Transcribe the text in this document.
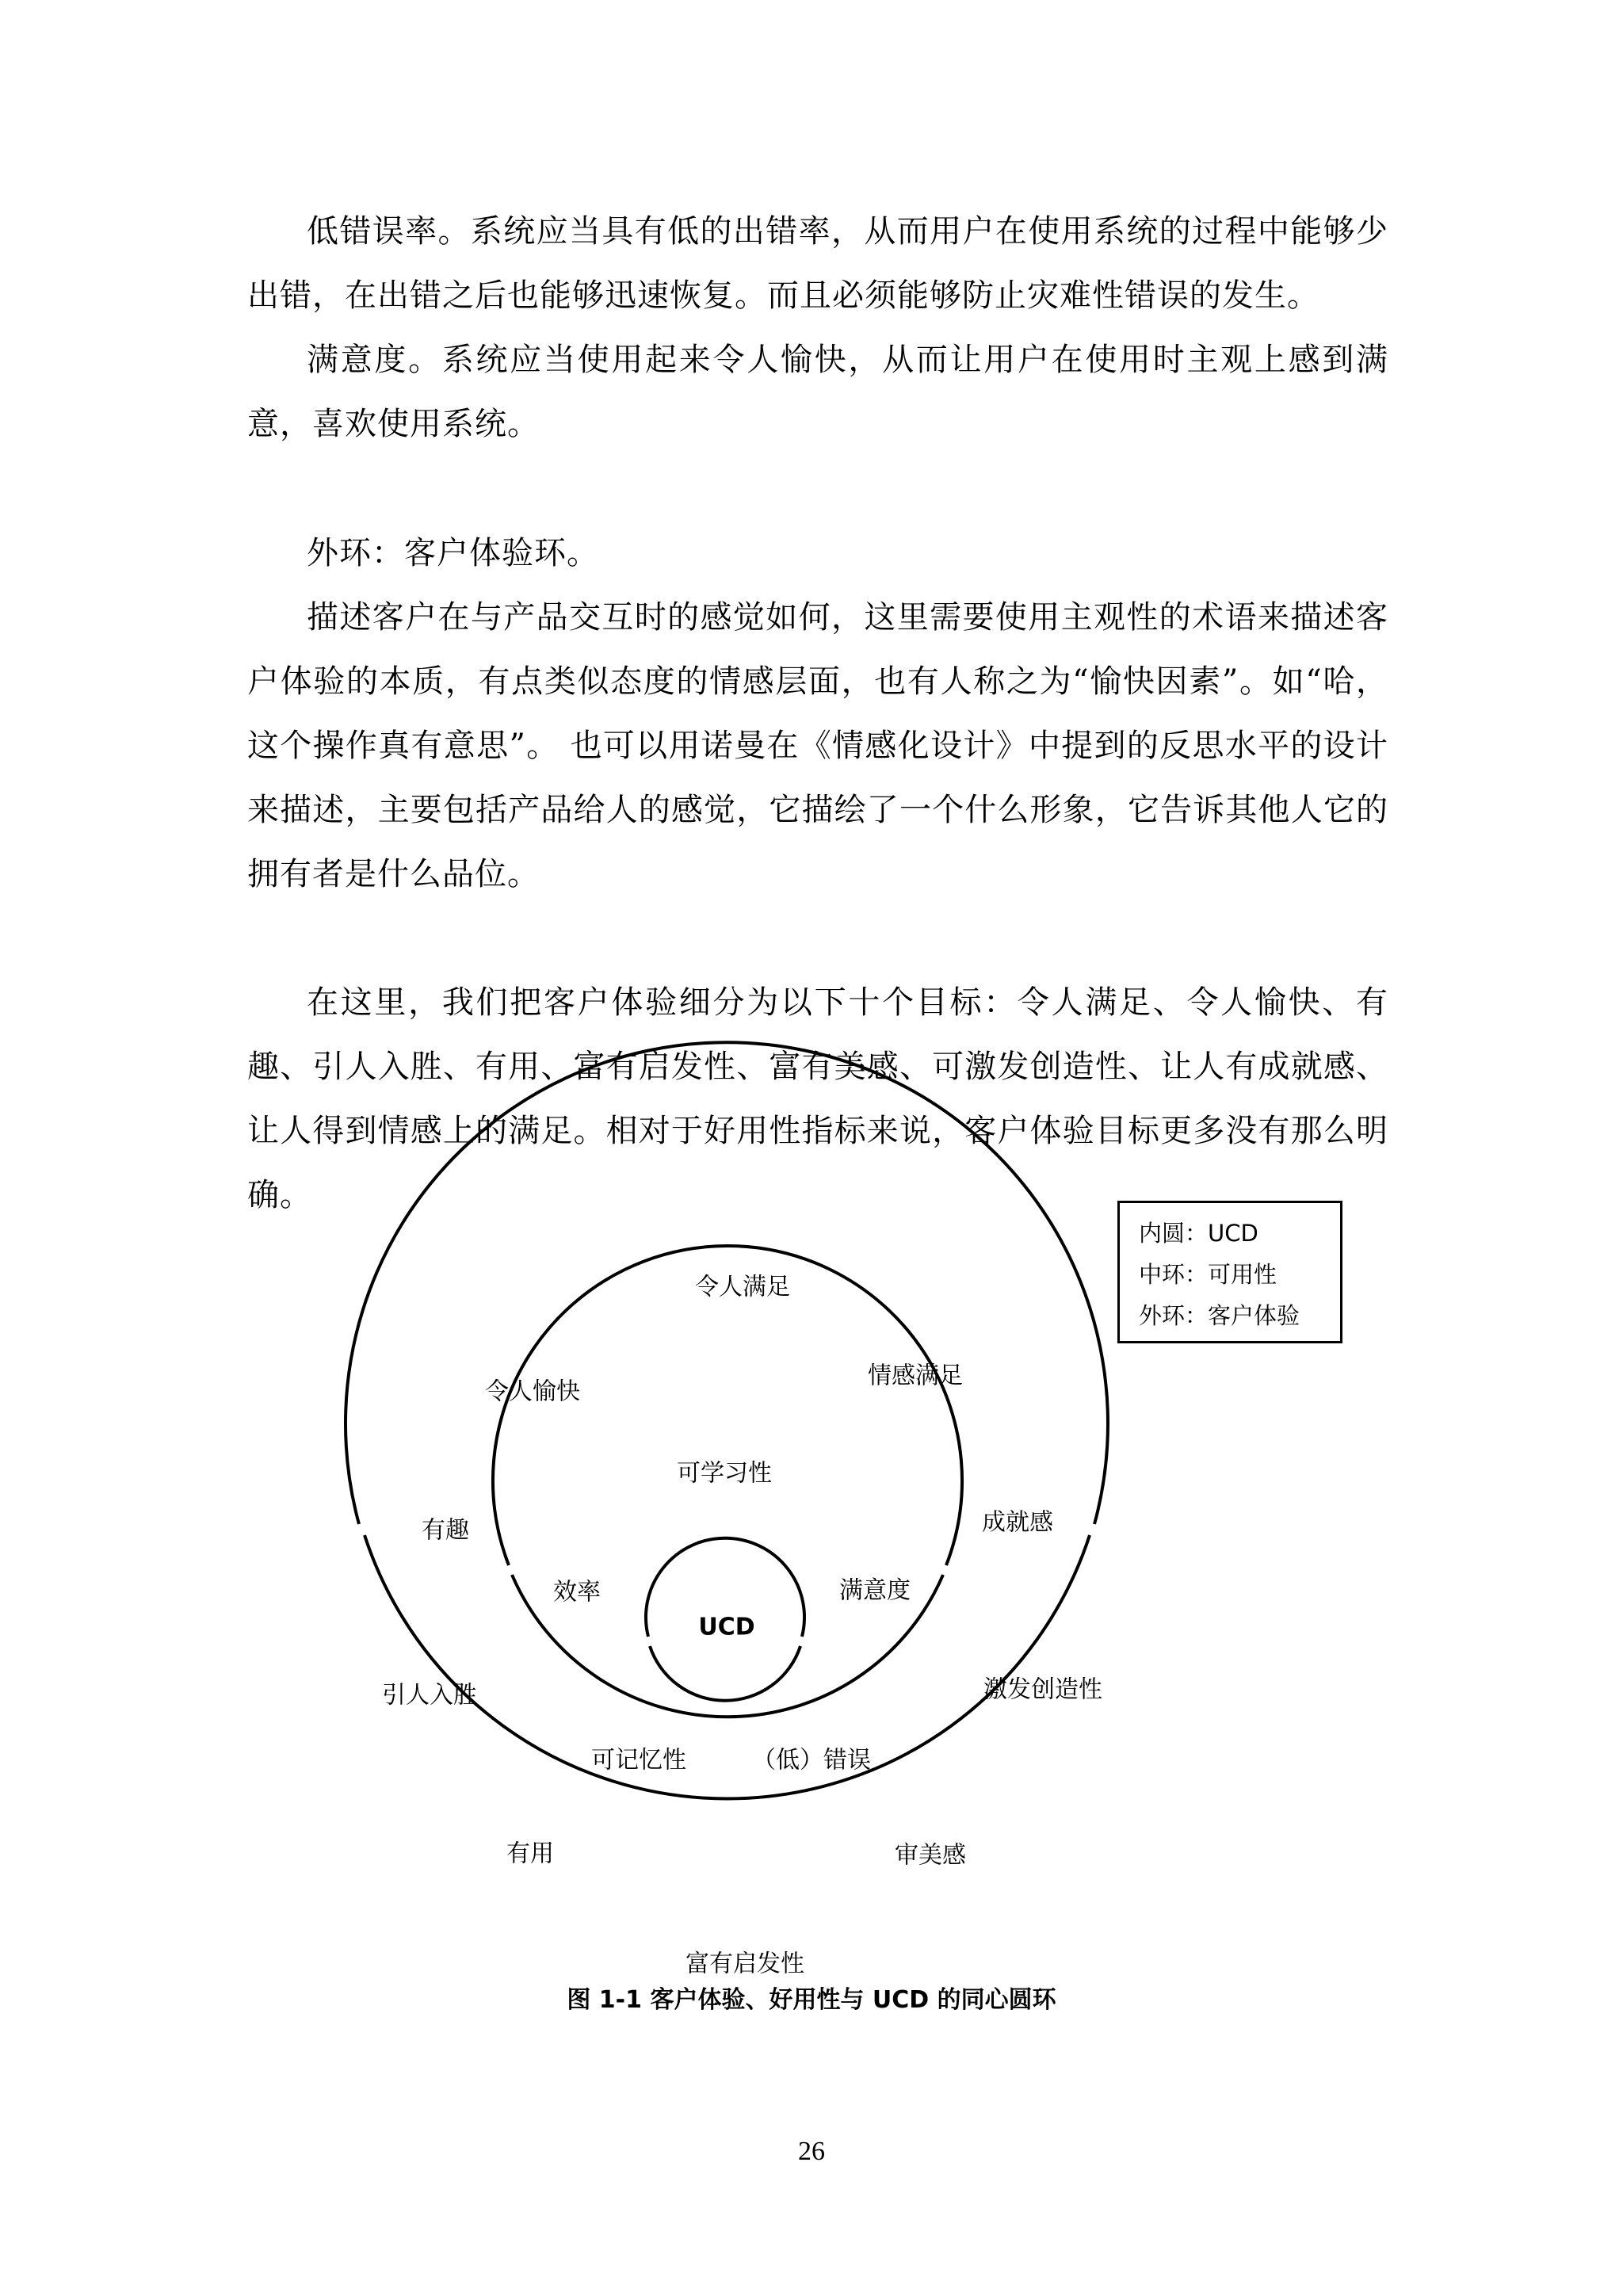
低错误率。系统应当具有低的出错率，从而用户在使用系统的过程中能够少出错，在出错之后也能够迅速恢复。而且必须能够防止灾难性错误的发生。

满意度。系统应当使用起来令人愉快，从而让用户在使用时主观上感到满意，喜欢使用系统。

外环：客户体验环。

描述客户在与产品交互时的感觉如何，这里需要使用主观性的术语来描述客户体验的本质，有点类似态度的情感层面，也有人称之为“愉快因素”。如“哈，这个操作真有意思”。 也可以用诺曼在《情感化设计》中提到的反思水平的设计来描述，主要包括产品给人的感觉，它描绘了一个什么形象，它告诉其他人它的拥有者是什么品位。

在这里，我们把客户体验细分为以下十个目标：令人满足、令人愉快、有趣、引人入胜、有用、富有启发性、富有美感、可激发创造性、让人有成就感、让人得到情感上的满足。相对于好用性指标来说，客户体验目标更多没有那么明确。

UCD
可学习性
效率	满意度
可记忆性	（低）错误
令人满足
情感满足
令人愉快
成就感
有趣
激发创造性
引人入胜
审美感
有用
富有启发性
内圆：UCD
中环：可用性
外环：客户体验
图 1-1 客户体验、好用性与 UCD 的同心圆环
26
